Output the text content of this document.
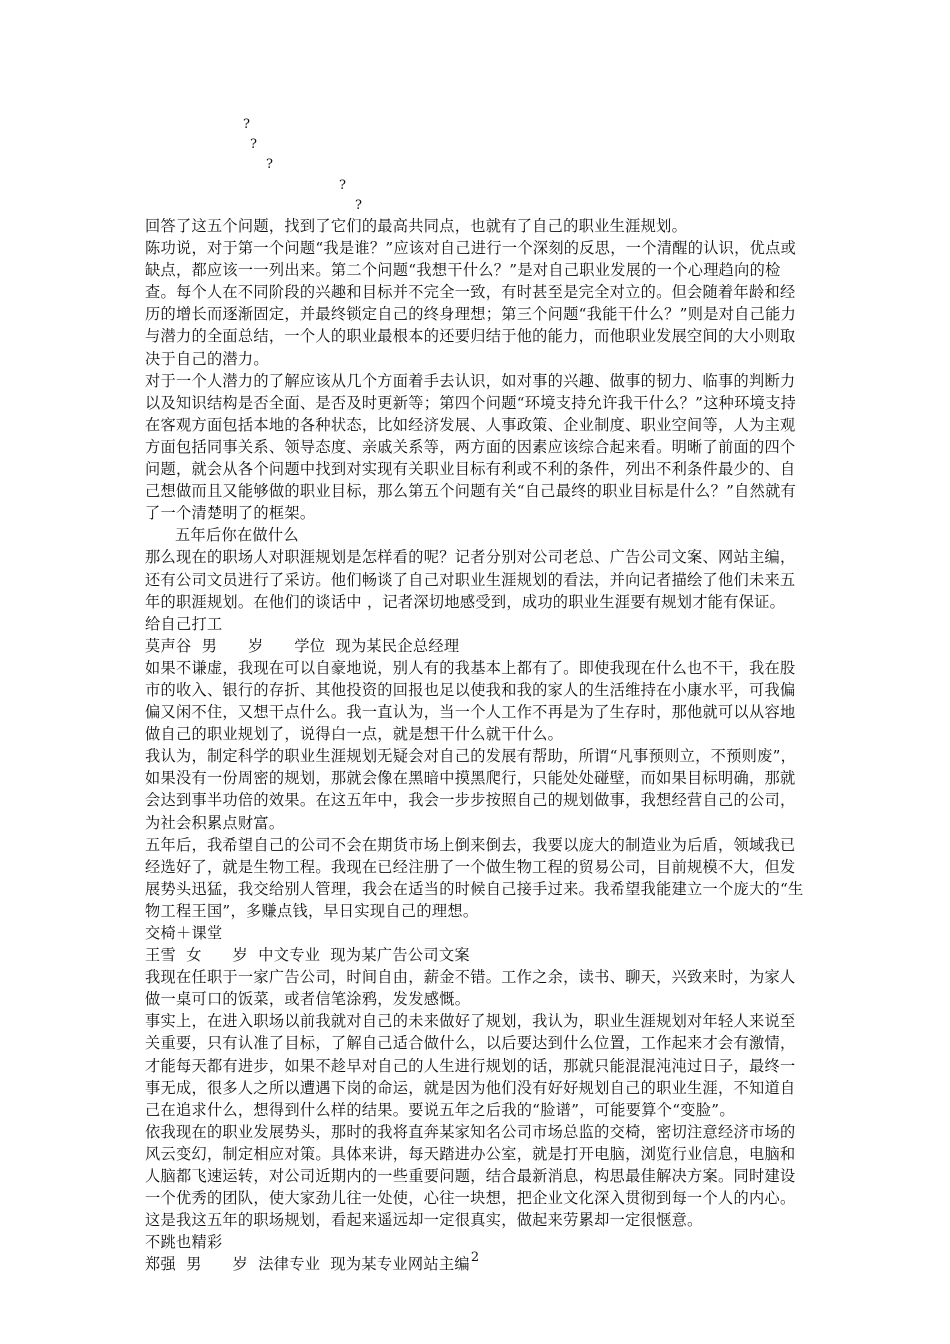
?
?
?
?
?

回答了这五个问题，找到了它们的最高共同点，也就有了自己的职业生涯规划。

陈功说，对于第一个问题“我是谁？”应该对自己进行一个深刻的反思，一个清醒的认识，优点或缺点，都应该一一列出来。第二个问题“我想干什么？”是对自己职业发展的一个心理趋向的检查。每个人在不同阶段的兴趣和目标并不完全一致，有时甚至是完全对立的。但会随着年龄和经历的增长而逐渐固定，并最终锁定自己的终身理想；第三个问题“我能干什么？”则是对自己能力与潜力的全面总结，一个人的职业最根本的还要归结于他的能力，而他职业发展空间的大小则取决于自己的潜力。

对于一个人潜力的了解应该从几个方面着手去认识，如对事的兴趣、做事的韧力、临事的判断力以及知识结构是否全面、是否及时更新等；第四个问题“环境支持允许我干什么？”这种环境支持在客观方面包括本地的各种状态，比如经济发展、人事政策、企业制度、职业空间等，人为主观方面包括同事关系、领导态度、亲戚关系等，两方面的因素应该综合起来看。明晰了前面的四个问题，就会从各个问题中找到对实现有关职业目标有利或不利的条件，列出不利条件最少的、自己想做而且又能够做的职业目标，那么第五个问题有关“自己最终的职业目标是什么？”自然就有了一个清楚明了的框架。

五年后你在做什么

那么现在的职场人对职涯规划是怎样看的呢？记者分别对公司老总、广告公司文案、网站主编，还有公司文员进行了采访。他们畅谈了自己对职业生涯规划的看法，并向记者描绘了他们未来五年的职涯规划。在他们的谈话中 ，记者深切地感受到，成功的职业生涯要有规划才能有保证。

给自己打工

莫声谷  男      岁      学位  现为某民企总经理

如果不谦虚，我现在可以自豪地说，别人有的我基本上都有了。即使我现在什么也不干，我在股市的收入、银行的存折、其他投资的回报也足以使我和我的家人的生活维持在小康水平，可我偏偏又闲不住，又想干点什么。我一直认为，当一个人工作不再是为了生存时，那他就可以从容地做自己的职业规划了，说得白一点，就是想干什么就干什么。

我认为，制定科学的职业生涯规划无疑会对自己的发展有帮助，所谓“凡事预则立，不预则废”， 如果没有一份周密的规划，那就会像在黑暗中摸黑爬行，只能处处碰壁，而如果目标明确，那就会达到事半功倍的效果。在这五年中，我会一步步按照自己的规划做事，我想经营自己的公司，为社会积累点财富。

五年后，我希望自己的公司不会在期货市场上倒来倒去，我要以庞大的制造业为后盾，领域我已经选好了，就是生物工程。我现在已经注册了一个做生物工程的贸易公司，目前规模不大，但发展势头迅猛，我交给别人管理，我会在适当的时候自己接手过来。我希望我能建立一个庞大的“生物工程王国”，多赚点钱，早日实现自己的理想。

交椅＋课堂

王雪  女      岁  中文专业  现为某广告公司文案

我现在任职于一家广告公司，时间自由，薪金不错。工作之余，读书、聊天，兴致来时，为家人做一桌可口的饭菜，或者信笔涂鸦，发发感慨。

事实上，在进入职场以前我就对自己的未来做好了规划，我认为，职业生涯规划对年轻人来说至关重要，只有认准了目标，了解自己适合做什么，以后要达到什么位置，工作起来才会有激情，才能每天都有进步，如果不趁早对自己的人生进行规划的话，那就只能混混沌沌过日子，最终一事无成，很多人之所以遭遇下岗的命运，就是因为他们没有好好规划自己的职业生涯，不知道自己在追求什么，想得到什么样的结果。要说五年之后我的“脸谱”，可能要算个“变脸”。

依我现在的职业发展势头，那时的我将直奔某家知名公司市场总监的交椅，密切注意经济市场的风云变幻，制定相应对策。具体来讲，每天踏进办公室，就是打开电脑，浏览行业信息，电脑和人脑都飞速运转，对公司近期内的一些重要问题，结合最新消息，构思最佳解决方案。同时建设一个优秀的团队，使大家劲儿往一处使，心往一块想，把企业文化深入贯彻到每一个人的内心。这是我这五年的职场规划，看起来遥远却一定很真实，做起来劳累却一定很惬意。

不跳也精彩

郑强  男      岁  法律专业  现为某专业网站主编 2
